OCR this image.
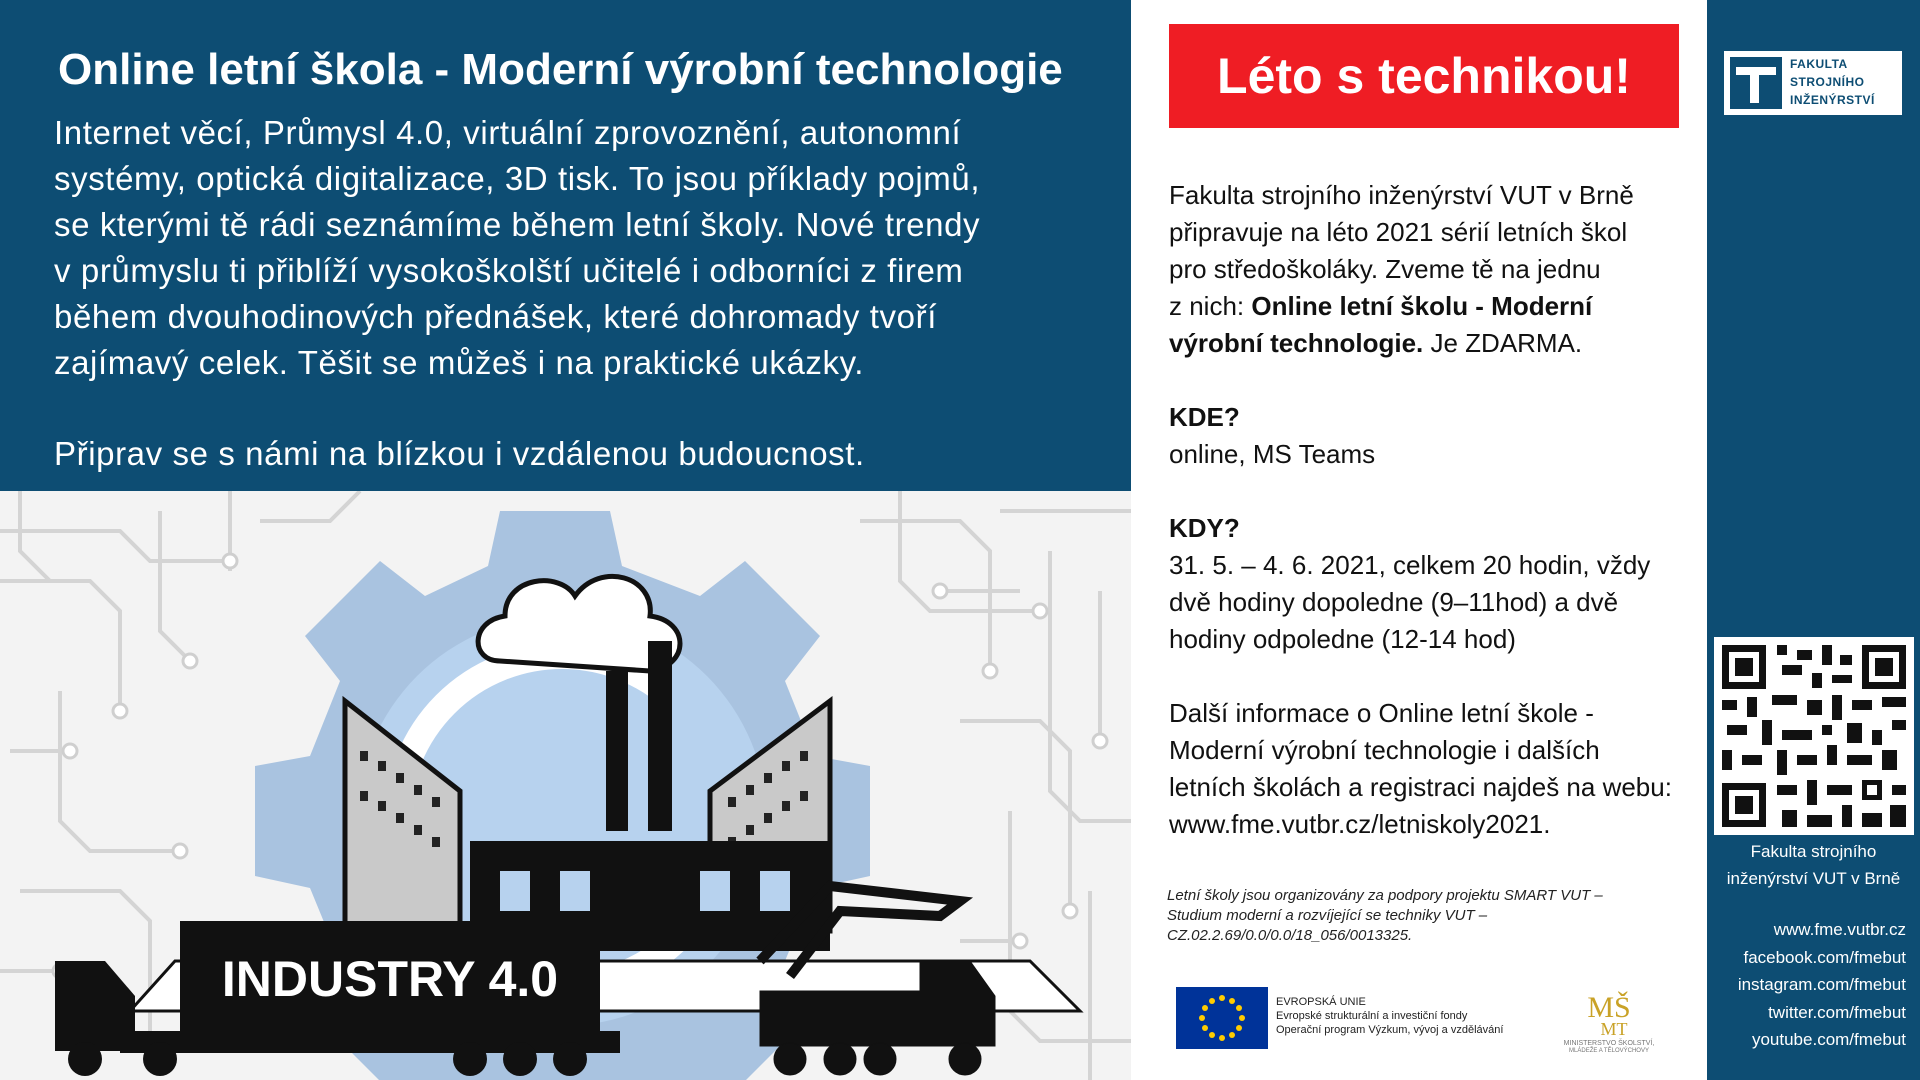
Online letní škola - Moderní výrobní technologie

Internet věcí, Průmysl 4.0, virtuální zprovoznění, autonomní
systémy, optická digitalizace, 3D tisk. To jsou příklady pojmů,
se kterými tě rádi seznámíme během letní školy. Nové trendy
v průmyslu ti přiblíží vysokoškolští učitelé i odborníci z firem
během dvouhodinových přednášek, které dohromady tvoří
zajímavý celek. Těšit se můžeš i na praktické ukázky.

Připrav se s námi na blízkou i vzdálenou budoucnost.

INDUSTRY 4.0
Léto s technikou!

Fakulta strojního inženýrství VUT v Brně
připravuje na léto 2021 sérií letních škol
pro středoškoláky. Zveme tě na jednu
z nich: Online letní školu - Moderní
výrobní technologie. Je ZDARMA.

KDE?
online, MS Teams

KDY?
31. 5. – 4. 6. 2021, celkem 20 hodin, vždy
dvě hodiny dopoledne (9–11hod) a dvě
hodiny odpoledne (12-14 hod)

Další informace o Online letní škole -
Moderní výrobní technologie i dalších
letních školách a registraci najdeš na webu:
www.fme.vutbr.cz/letniskoly2021.

Letní školy jsou organizovány za podpory projektu SMART VUT –
Studium moderní a rozvíjející se techniky VUT –
CZ.02.2.69/0.0/0.0/18_056/0013325.
EVROPSKÁ UNIE
Evropské strukturální a investiční fondy
Operační program Výzkum, vývoj a vzdělávání
MŠ
MT
MINISTERSTVO ŠKOLSTVÍ,
MLÁDEŽE A TĚLOVÝCHOVY
FAKULTA
STROJNÍHO
INŽENÝRSTVÍ
Fakulta strojního
inženýrství VUT v Brně
www.fme.vutbr.cz
facebook.com/fmebut
instagram.com/fmebut
twitter.com/fmebut
youtube.com/fmebut
